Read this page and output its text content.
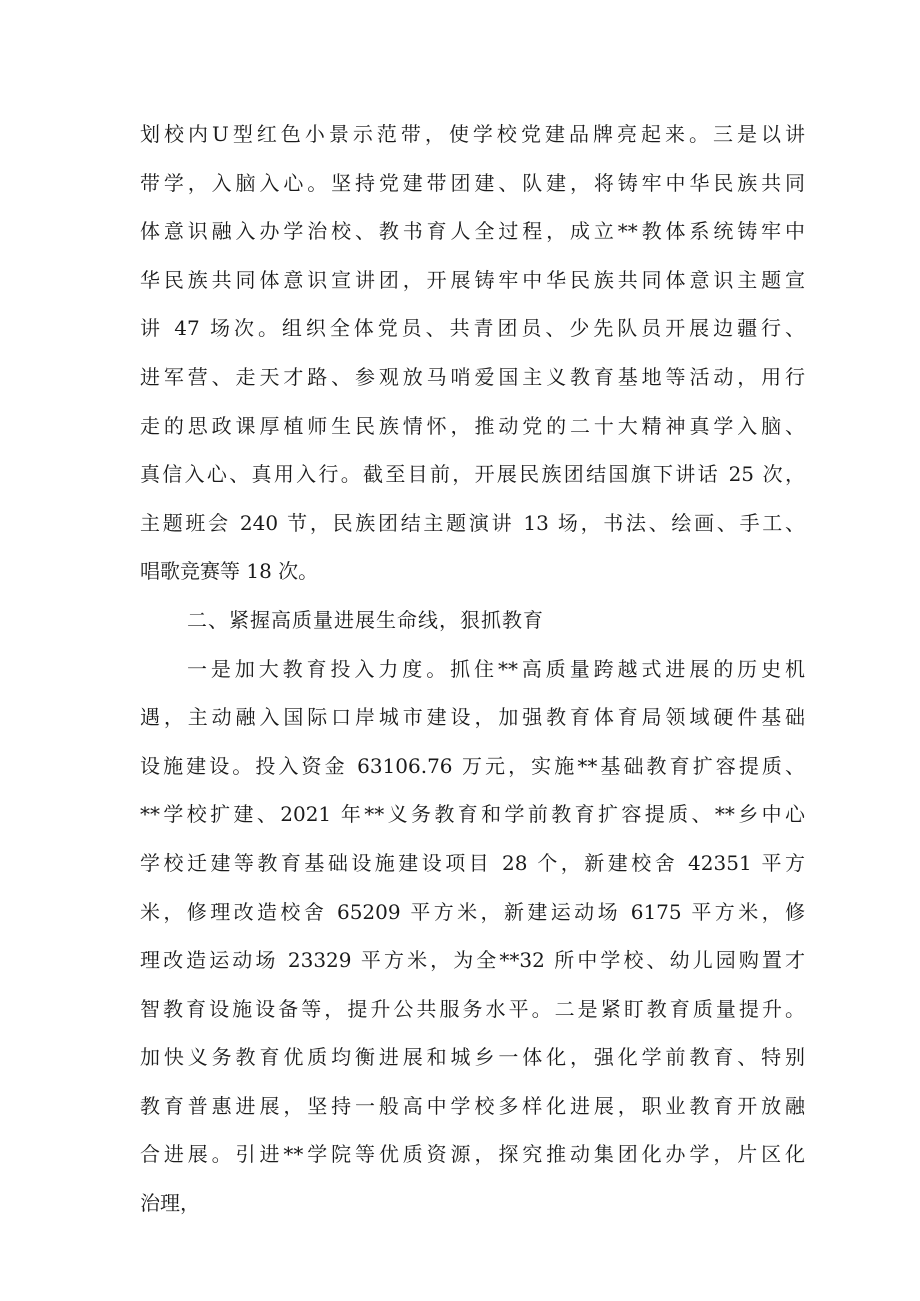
划校内U型红色小景示范带，使学校党建品牌亮起来。三是以讲
带学，入脑入心。坚持党建带团建、队建，将铸牢中华民族共同
体意识融入办学治校、教书育人全过程，成立**教体系统铸牢中
华民族共同体意识宣讲团，开展铸牢中华民族共同体意识主题宣
讲 47 场次。组织全体党员、共青团员、少先队员开展边疆行、
进军营、走天才路、参观放马哨爱国主义教育基地等活动，用行
走的思政课厚植师生民族情怀，推动党的二十大精神真学入脑、
真信入心、真用入行。截至目前，开展民族团结国旗下讲话 25 次，
主题班会 240 节，民族团结主题演讲 13 场，书法、绘画、手工、
唱歌竞赛等 18 次。
二、紧握高质量进展生命线，狠抓教育
一是加大教育投入力度。抓住**高质量跨越式进展的历史机
遇，主动融入国际口岸城市建设，加强教育体育局领域硬件基础
设施建设。投入资金 63106.76 万元，实施**基础教育扩容提质、
**学校扩建、2021 年**义务教育和学前教育扩容提质、**乡中心
学校迁建等教育基础设施建设项目 28 个，新建校舍 42351 平方
米，修理改造校舍 65209 平方米，新建运动场 6175 平方米，修
理改造运动场 23329 平方米，为全**32 所中学校、幼儿园购置才
智教育设施设备等，提升公共服务水平。二是紧盯教育质量提升。
加快义务教育优质均衡进展和城乡一体化，强化学前教育、特别
教育普惠进展，坚持一般高中学校多样化进展，职业教育开放融
合进展。引进**学院等优质资源，探究推动集团化办学，片区化
治理，
